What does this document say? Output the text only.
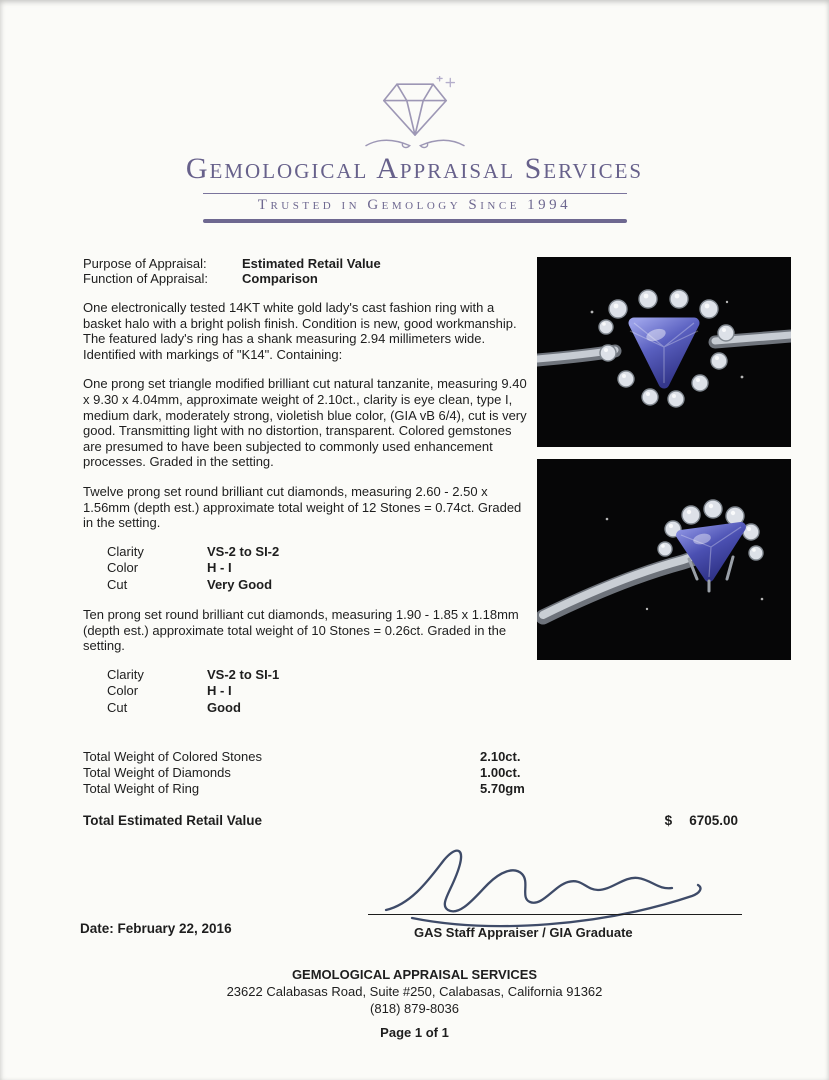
Gemological Appraisal Services
Trusted in Gemology Since 1994
Purpose of Appraisal:	Estimated Retail Value
Function of Appraisal:	Comparison

One electronically tested 14KT white gold lady's cast fashion ring with a basket halo with a bright polish finish. Condition is new, good workmanship. The featured lady's ring has a shank measuring 2.94 millimeters wide. Identified with markings of "K14". Containing:

One prong set triangle modified brilliant cut natural tanzanite, measuring 9.40 x 9.30 x 4.04mm, approximate weight of 2.10ct., clarity is eye clean, type I, medium dark, moderately strong, violetish blue color, (GIA vB 6/4), cut is very good. Transmitting light with no distortion, transparent. Colored gemstones are presumed to have been subjected to commonly used enhancement processes. Graded in the setting.

Twelve prong set round brilliant cut diamonds, measuring 2.60 - 2.50 x 1.56mm (depth est.) approximate total weight of 12 Stones = 0.74ct. Graded in the setting.

Clarity	VS-2 to SI-2
Color	H - I
Cut	Very Good

Ten prong set round brilliant cut diamonds, measuring 1.90 - 1.85 x 1.18mm (depth est.) approximate total weight of 10 Stones = 0.26ct. Graded in the setting.

Clarity	VS-2 to SI-1
Color	H - I
Cut	Good
Total Weight of Colored Stones	2.10ct.
Total Weight of Diamonds	1.00ct.
Total Weight of Ring	5.70gm
Total Estimated Retail Value	$ 6705.00
Date: February 22, 2016	GAS Staff Appraiser / GIA Graduate
GEMOLOGICAL APPRAISAL SERVICES
23622 Calabasas Road, Suite #250, Calabasas, California 91362
(818) 879-8036
Page 1 of 1
